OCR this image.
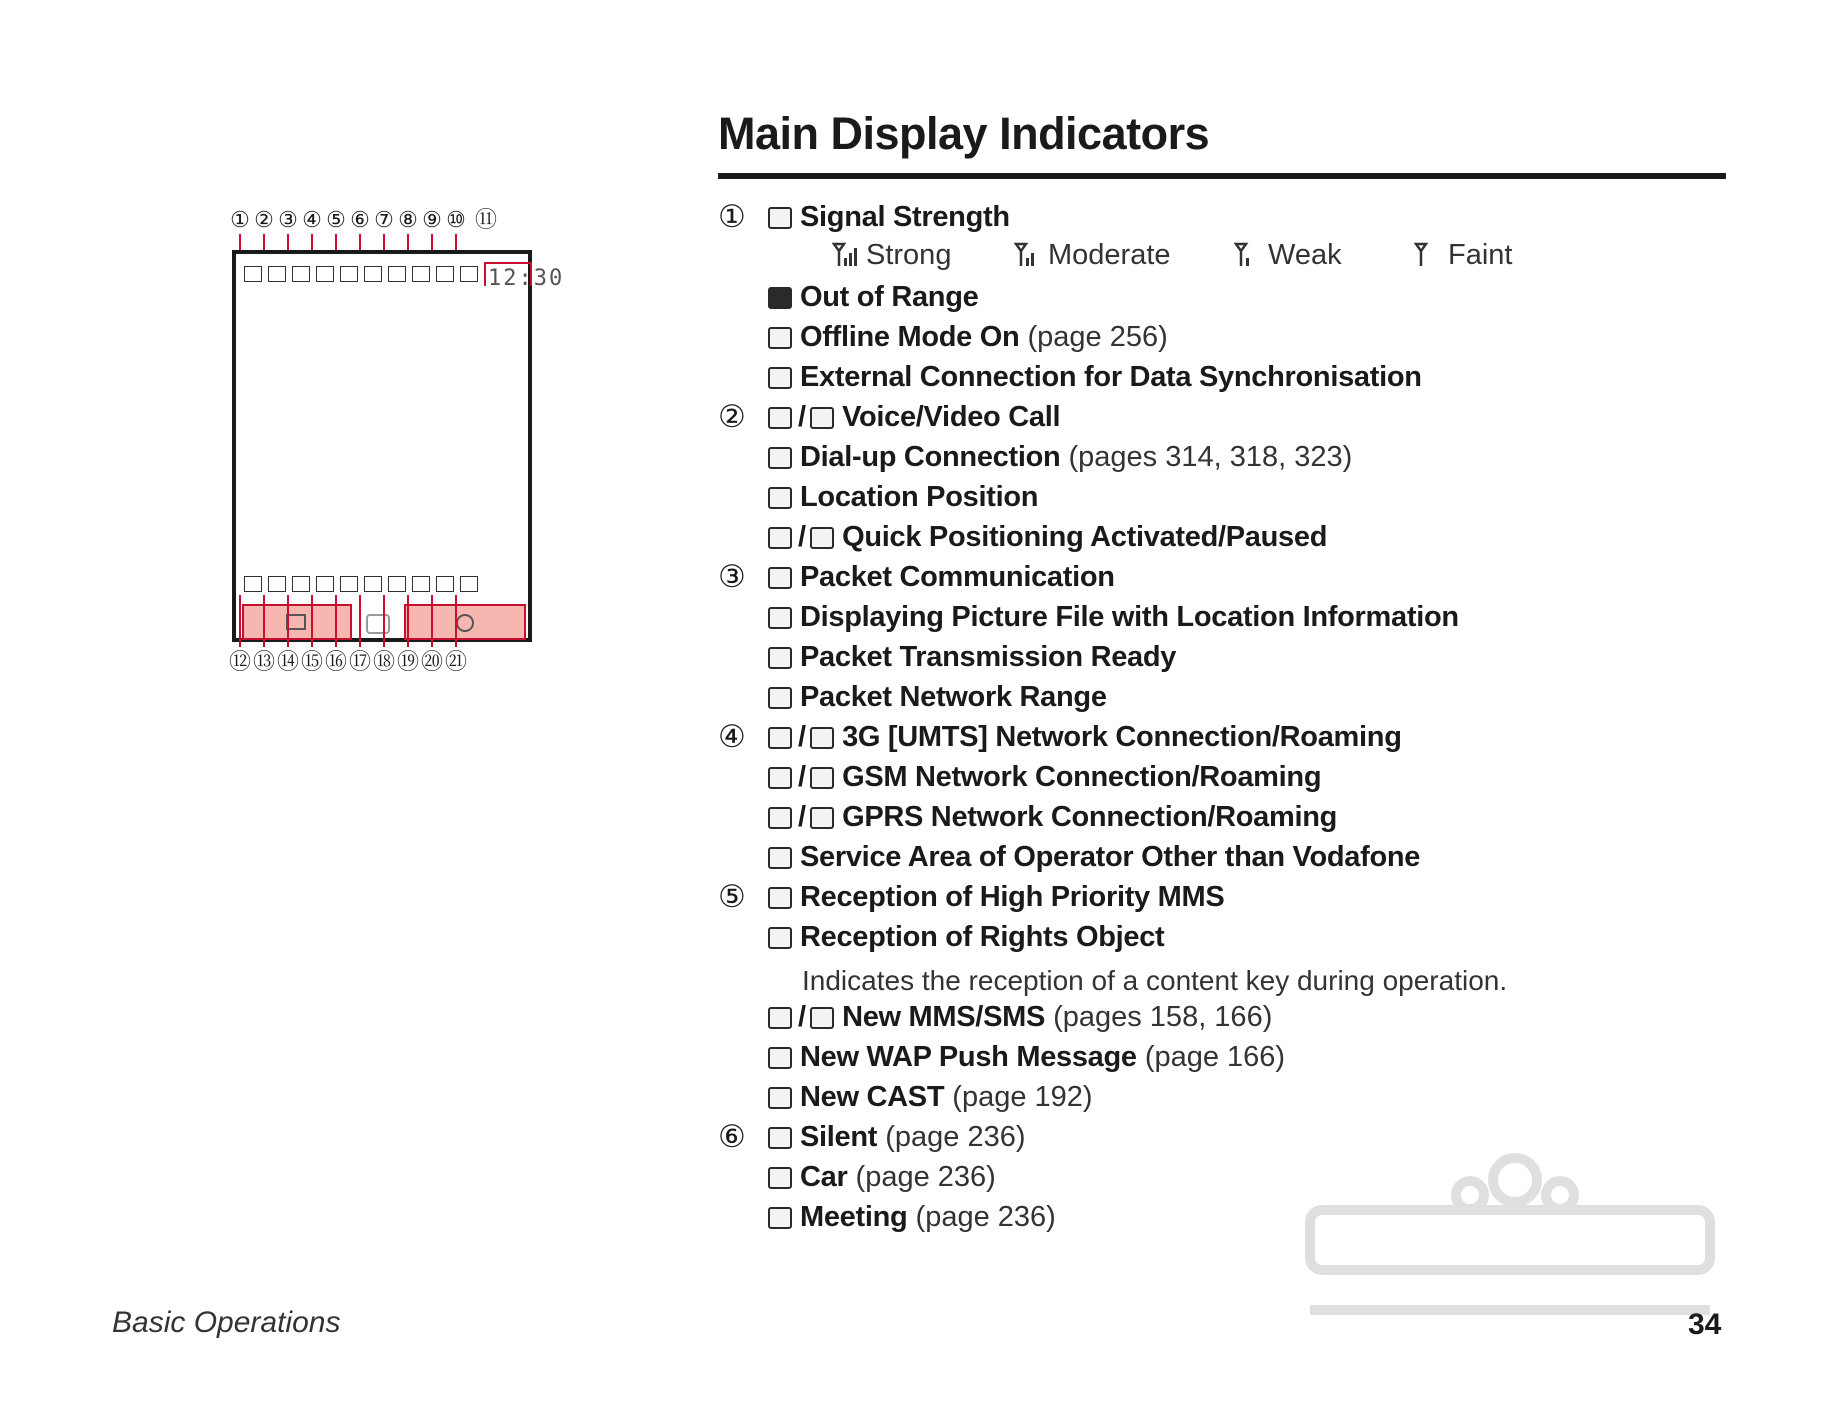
Main Display Indicators
① ② ③ ④ ⑤ ⑥ ⑦ ⑧ ⑨ ⑩ ⑪
12:30
⑫ ⑬ ⑭ ⑮ ⑯ ⑰ ⑱ ⑲ ⑳ ㉑
①	Signal Strength
Out of Range
Offline Mode On (page 256)
External Connection for Data Synchronisation
②	/ Voice/Video Call
Dial-up Connection (pages 314, 318, 323)
Location Position
/ Quick Positioning Activated/Paused
③	Packet Communication
Displaying Picture File with Location Information
Packet Transmission Ready
Packet Network Range
④	/ 3G [UMTS] Network Connection/Roaming
/ GSM Network Connection/Roaming
/ GPRS Network Connection/Roaming
Service Area of Operator Other than Vodafone
⑤	Reception of High Priority MMS
Reception of Rights Object
/ New MMS/SMS (pages 158, 166)
New WAP Push Message (page 166)
New CAST (page 192)
⑥	Silent (page 236)
Car (page 236)
Meeting (page 236)
Strong	Moderate	Weak	Faint
Indicates the reception of a content key during operation.
Basic Operations	34
